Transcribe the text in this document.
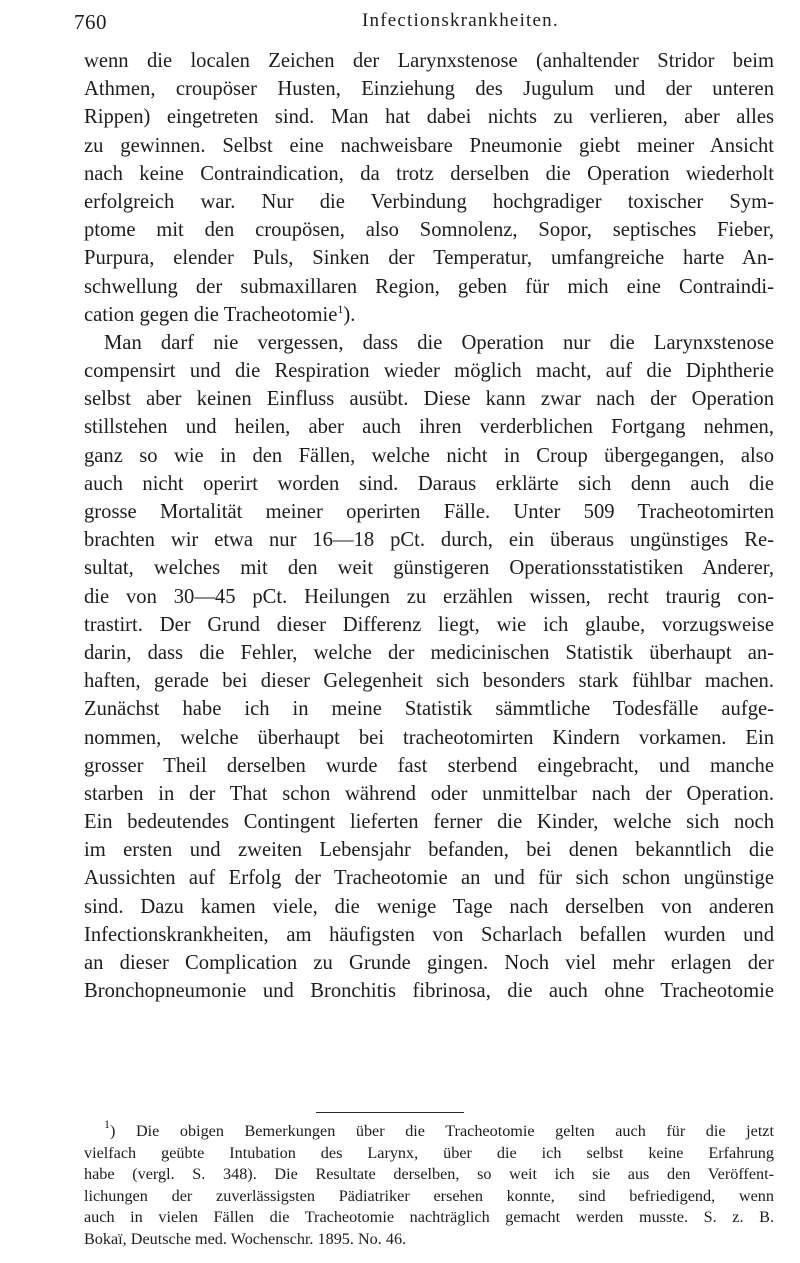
760	Infectionskrankheiten.
wenn die localen Zeichen der Larynxstenose (anhaltender Stridor beim
Athmen, croupöser Husten, Einziehung des Jugulum und der unteren
Rippen) eingetreten sind. Man hat dabei nichts zu verlieren, aber alles
zu gewinnen. Selbst eine nachweisbare Pneumonie giebt meiner Ansicht
nach keine Contraindication, da trotz derselben die Operation wiederholt
erfolgreich war. Nur die Verbindung hochgradiger toxischer Sym-
ptome mit den croupösen, also Somnolenz, Sopor, septisches Fieber,
Purpura, elender Puls, Sinken der Temperatur, umfangreiche harte An-
schwellung der submaxillaren Region, geben für mich eine Contraindi-
cation gegen die Tracheotomie$^1$).
Man darf nie vergessen, dass die Operation nur die Larynxstenose
compensirt und die Respiration wieder möglich macht, auf die Diphtherie
selbst aber keinen Einfluss ausübt. Diese kann zwar nach der Operation
stillstehen und heilen, aber auch ihren verderblichen Fortgang nehmen,
ganz so wie in den Fällen, welche nicht in Croup übergegangen, also
auch nicht operirt worden sind. Daraus erklärte sich denn auch die
grosse Mortalität meiner operirten Fälle. Unter 509 Tracheotomirten
brachten wir etwa nur 16—18 pCt. durch, ein überaus ungünstiges Re-
sultat, welches mit den weit günstigeren Operationsstatistiken Anderer,
die von 30—45 pCt. Heilungen zu erzählen wissen, recht traurig con-
trastirt. Der Grund dieser Differenz liegt, wie ich glaube, vorzugsweise
darin, dass die Fehler, welche der medicinischen Statistik überhaupt an-
haften, gerade bei dieser Gelegenheit sich besonders stark fühlbar machen.
Zunächst habe ich in meine Statistik sämmtliche Todesfälle aufge-
nommen, welche überhaupt bei tracheotomirten Kindern vorkamen. Ein
grosser Theil derselben wurde fast sterbend eingebracht, und manche
starben in der That schon während oder unmittelbar nach der Operation.
Ein bedeutendes Contingent lieferten ferner die Kinder, welche sich noch
im ersten und zweiten Lebensjahr befanden, bei denen bekanntlich die
Aussichten auf Erfolg der Tracheotomie an und für sich schon ungünstige
sind. Dazu kamen viele, die wenige Tage nach derselben von anderen
Infectionskrankheiten, am häufigsten von Scharlach befallen wurden und
an dieser Complication zu Grunde gingen. Noch viel mehr erlagen der
Bronchopneumonie und Bronchitis fibrinosa, die auch ohne Tracheotomie
$^1$) Die obigen Bemerkungen über die Tracheotomie gelten auch für die jetzt
vielfach geübte Intubation des Larynx, über die ich selbst keine Erfahrung
habe (vergl. S. 348). Die Resultate derselben, so weit ich sie aus den Veröffent-
lichungen der zuverlässigsten Pädiatriker ersehen konnte, sind befriedigend, wenn
auch in vielen Fällen die Tracheotomie nachträglich gemacht werden musste. S. z. B.
Bokaï, Deutsche med. Wochenschr. 1895. No. 46.
